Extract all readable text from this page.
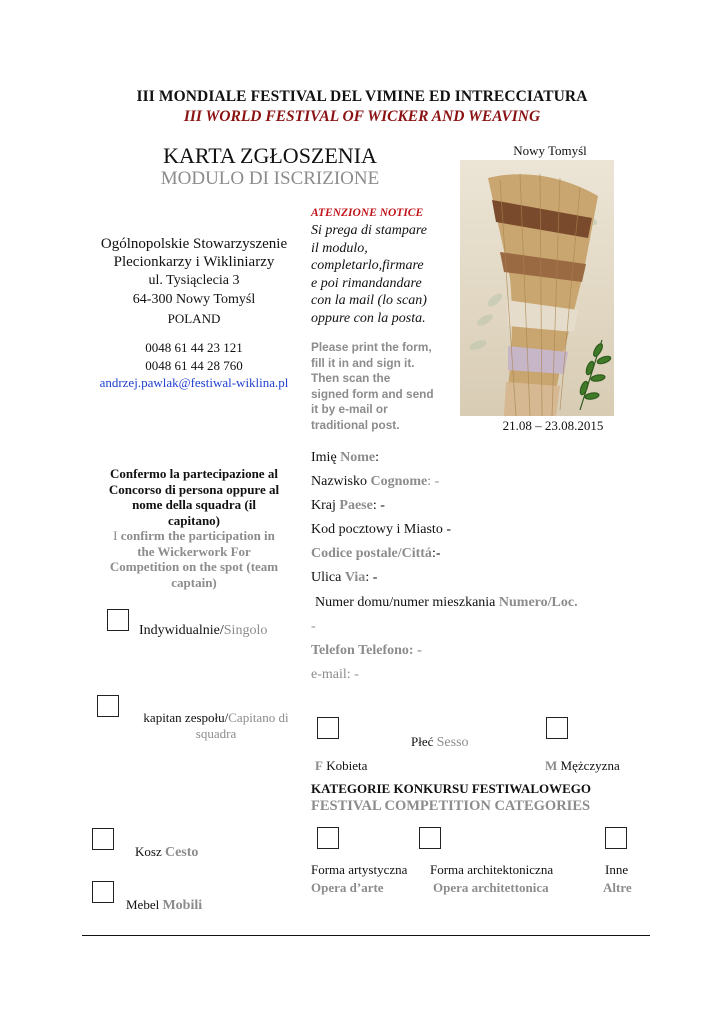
III MONDIALE FESTIVAL DEL VIMINE ED INTRECCIATURA
III WORLD FESTIVAL OF WICKER AND WEAVING
KARTA ZGŁOSZENIA
MODULO DI ISCRIZIONE
Nowy Tomyśl
21.08 – 23.08.2015
Ogólnopolskie Stowarzyszenie
Plecionkarzy i Wikliniarzy
ul. Tysiąclecia 3
64-300 Nowy Tomyśl
POLAND
0048 61 44 23 121
0048 61 44 28 760
andrzej.pawlak@festiwal-wiklina.pl
ATENZIONE NOTICE
Si prega di stampare
il modulo,
completarlo,firmare
e poi rimandandare
con la mail (lo scan)
oppure con la posta.
Please print the form,
fill it in and sign it.
Then scan the
signed form and send
it by e-mail or
traditional post.
Confermo la partecipazione al
Concorso di persona oppure al
nome della squadra (il
capitano)
I confirm the participation in
the Wickerwork For
Competition on the spot (team
captain)
Indywidualnie/Singolo
kapitan zespołu/Capitano di
squadra
Imię Nome:
Nazwisko Cognome: -
Kraj Paese: -
Kod pocztowy i Miasto -
Codice postale/Cittá:-
Ulica Via: -
Numer domu/numer mieszkania Numero/Loc.
-
Telefon Telefono: -
e-mail: -
Płeć Sesso
F Kobieta	M Mężczyzna
KATEGORIE KONKURSU FESTIWALOWEGO
FESTIVAL COMPETITION CATEGORIES
Kosz Cesto
Mebel Mobili
Forma artystyczna
Opera d’arte
Forma architektoniczna
Opera architettonica
Inne
Altre
